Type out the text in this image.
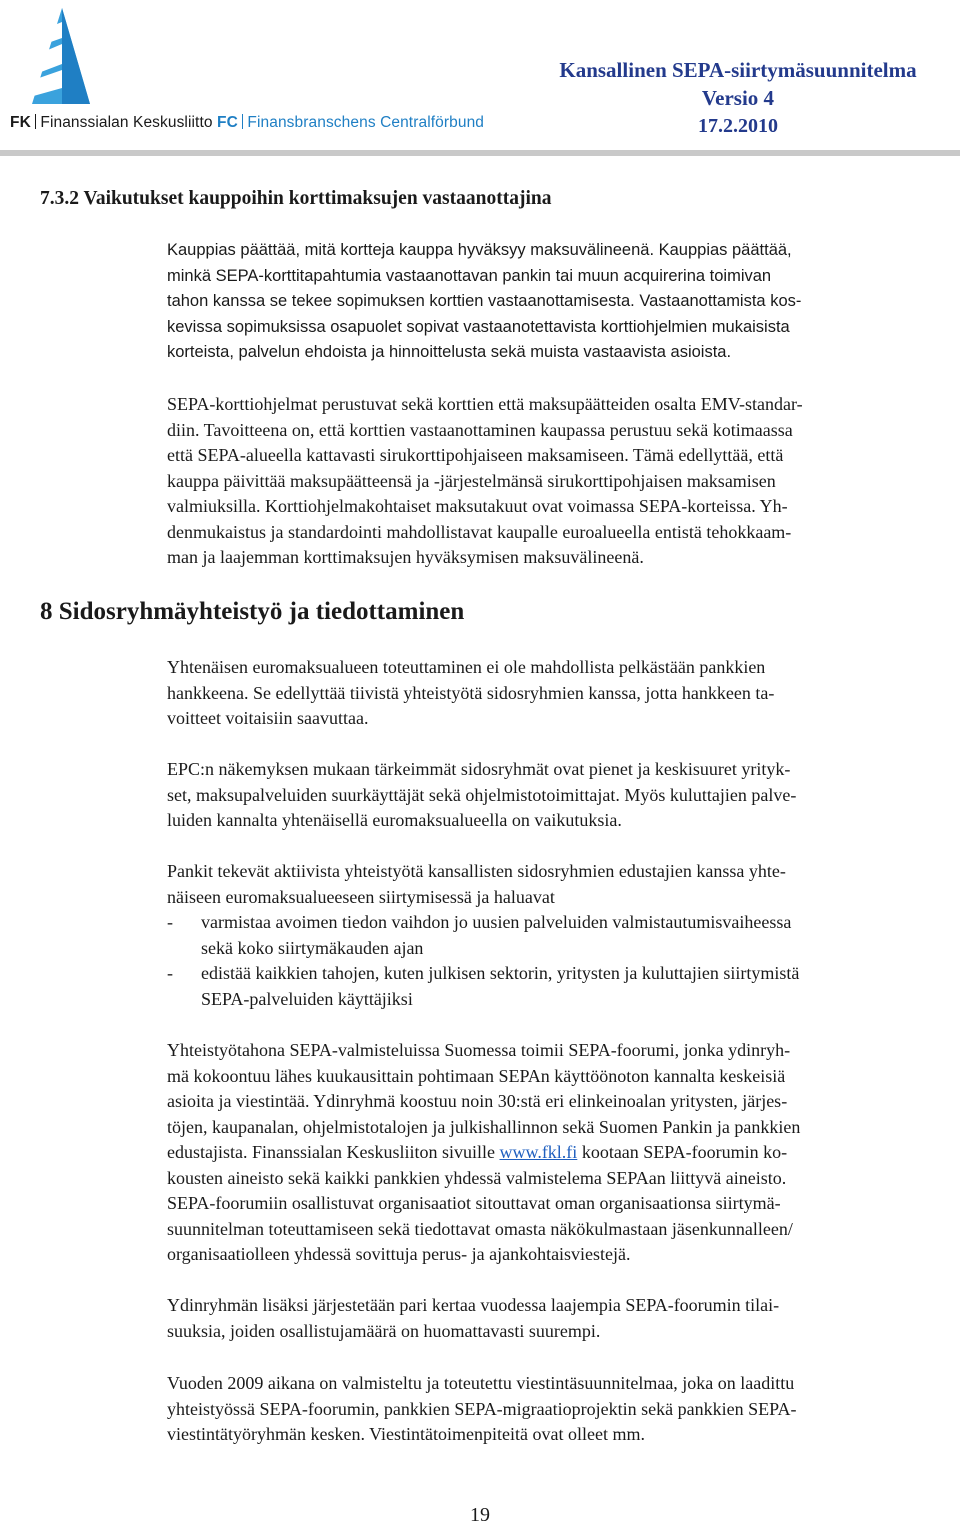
FK Finanssialan Keskusliitto FC Finansbranschens Centralförbund
Kansallinen SEPA-siirtymäsuunnitelma
Versio 4
17.2.2010
7.3.2 Vaikutukset kauppoihin korttimaksujen vastaanottajina

Kauppias päättää, mitä kortteja kauppa hyväksyy maksuvälineenä. Kauppias päättää,
minkä SEPA-korttitapahtumia vastaanottavan pankin tai muun acquirerina toimivan
tahon kanssa se tekee sopimuksen korttien vastaanottamisesta. Vastaanottamista kos-
kevissa sopimuksissa osapuolet sopivat vastaanotettavista korttiohjelmien mukaisista
korteista, palvelun ehdoista ja hinnoittelusta sekä muista vastaavista asioista.

SEPA-korttiohjelmat perustuvat sekä korttien että maksupäätteiden osalta EMV-standar-
diin. Tavoitteena on, että korttien vastaanottaminen kaupassa perustuu sekä kotimaassa
että SEPA-alueella kattavasti sirukorttipohjaiseen maksamiseen. Tämä edellyttää, että
kauppa päivittää maksupäätteensä ja -järjestelmänsä sirukorttipohjaisen maksamisen
valmiuksilla. Korttiohjelmakohtaiset maksutakuut ovat voimassa SEPA-korteissa. Yh-
denmukaistus ja standardointi mahdollistavat kaupalle euroalueella entistä tehokkaam-
man ja laajemman korttimaksujen hyväksymisen maksuvälineenä.

8 Sidosryhmäyhteistyö ja tiedottaminen

Yhtenäisen euromaksualueen toteuttaminen ei ole mahdollista pelkästään pankkien
hankkeena. Se edellyttää tiivistä yhteistyötä sidosryhmien kanssa, jotta hankkeen ta-
voitteet voitaisiin saavuttaa.

EPC:n näkemyksen mukaan tärkeimmät sidosryhmät ovat pienet ja keskisuuret yrityk-
set, maksupalveluiden suurkäyttäjät sekä ohjelmistotoimittajat. Myös kuluttajien palve-
luiden kannalta yhtenäisellä euromaksualueella on vaikutuksia.

Pankit tekevät aktiivista yhteistyötä kansallisten sidosryhmien edustajien kanssa yhte-
näiseen euromaksualueeseen siirtymisessä ja haluavat
- varmistaa avoimen tiedon vaihdon jo uusien palveluiden valmistautumisvaiheessa
sekä koko siirtymäkauden ajan
- edistää kaikkien tahojen, kuten julkisen sektorin, yritysten ja kuluttajien siirtymistä
SEPA-palveluiden käyttäjiksi

Yhteistyötahona SEPA-valmisteluissa Suomessa toimii SEPA-foorumi, jonka ydinryh-
mä kokoontuu lähes kuukausittain pohtimaan SEPAn käyttöönoton kannalta keskeisiä
asioita ja viestintää. Ydinryhmä koostuu noin 30:stä eri elinkeinoalan yritysten, järjes-
töjen, kaupanalan, ohjelmistotalojen ja julkishallinnon sekä Suomen Pankin ja pankkien
edustajista. Finanssialan Keskusliiton sivuille www.fkl.fi kootaan SEPA-foorumin ko-
kousten aineisto sekä kaikki pankkien yhdessä valmistelema SEPAan liittyvä aineisto.
SEPA-foorumiin osallistuvat organisaatiot sitouttavat oman organisaationsa siirtymä-
suunnitelman toteuttamiseen sekä tiedottavat omasta näkökulmastaan jäsenkunnalleen/
organisaatiolleen yhdessä sovittuja perus- ja ajankohtaisviestejä.

Ydinryhmän lisäksi järjestetään pari kertaa vuodessa laajempia SEPA-foorumin tilai-
suuksia, joiden osallistujamäärä on huomattavasti suurempi.

Vuoden 2009 aikana on valmisteltu ja toteutettu viestintäsuunnitelmaa, joka on laadittu
yhteistyössä SEPA-foorumin, pankkien SEPA-migraatioprojektin sekä pankkien SEPA-
viestintätyöryhmän kesken. Viestintätoimenpiteitä ovat olleet mm.

19
